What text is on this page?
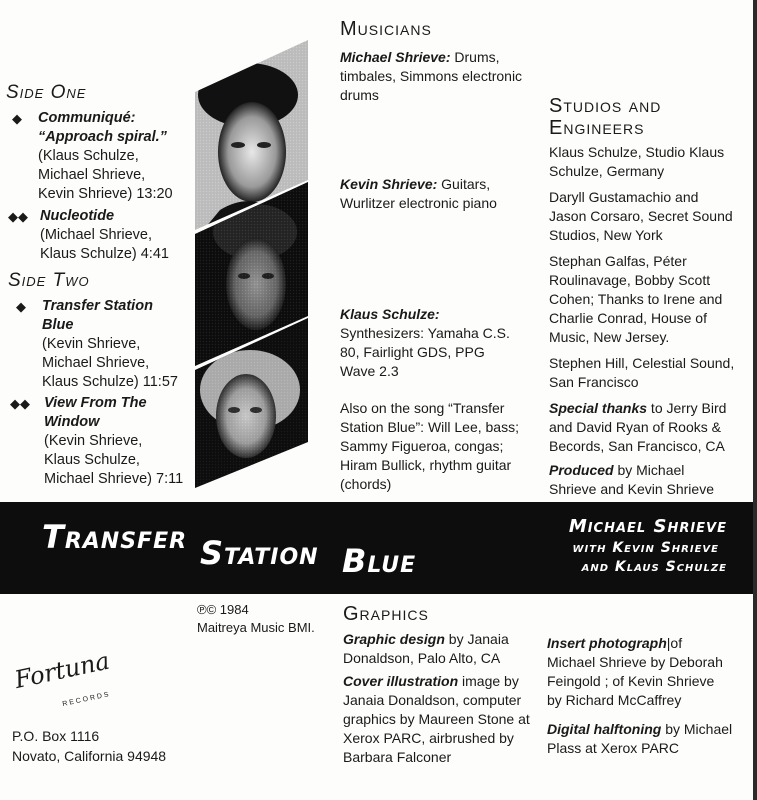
Side One
◆ Communiqué:
“Approach spiral.”
(Klaus Schulze,
Michael Shrieve,
Kevin Shrieve) 13:20
◆◆ Nucleotide
(Michael Shrieve,
Klaus Schulze) 4:41
Side Two
◆ Transfer Station
Blue
(Kevin Shrieve,
Michael Shrieve,
Klaus Schulze) 11:57
◆◆ View From The
Window
(Kevin Shrieve,
Klaus Schulze,
Michael Shrieve) 7:11
Musicians
Michael Shrieve: Drums,
timbales, Simmons electronic
drums
Kevin Shrieve: Guitars,
Wurlitzer electronic piano
Klaus Schulze:
Synthesizers: Yamaha C.S.
80, Fairlight GDS, PPG
Wave 2.3
Also on the song “Transfer
Station Blue”: Will Lee, bass;
Sammy Figueroa, congas;
Hiram Bullick, rhythm guitar
(chords)
Studios and
Engineers
Klaus Schulze, Studio Klaus
Schulze, Germany
Daryll Gustamachio and
Jason Corsaro, Secret Sound
Studios, New York
Stephan Galfas, Péter
Roulinavage, Bobby Scott
Cohen; Thanks to Irene and
Charlie Conrad, House of
Music, New Jersey.
Stephen Hill, Celestial Sound,
San Francisco
Special thanks to Jerry Bird
and David Ryan of Rooks &
Becords, San Francisco, CA
Produced by Michael
Shrieve and Kevin Shrieve
TRANSFER STATION BLUE
Michael Shrieve
with Kevin Shrieve
and Klaus Schulze
℗© 1984
Maitreya Music BMI.
Fortuna
RECORDS
P.O. Box 1116
Novato, California 94948
Graphics
Graphic design by Janaia
Donaldson, Palo Alto, CA
Cover illustration image by
Janaia Donaldson, computer
graphics by Maureen Stone at
Xerox PARC, airbrushed by
Barbara Falconer
Insert photograph|of
Michael Shrieve by Deborah
Feingold ; of Kevin Shrieve
by Richard McCaffrey
Digital halftoning by Michael
Plass at Xerox PARC
